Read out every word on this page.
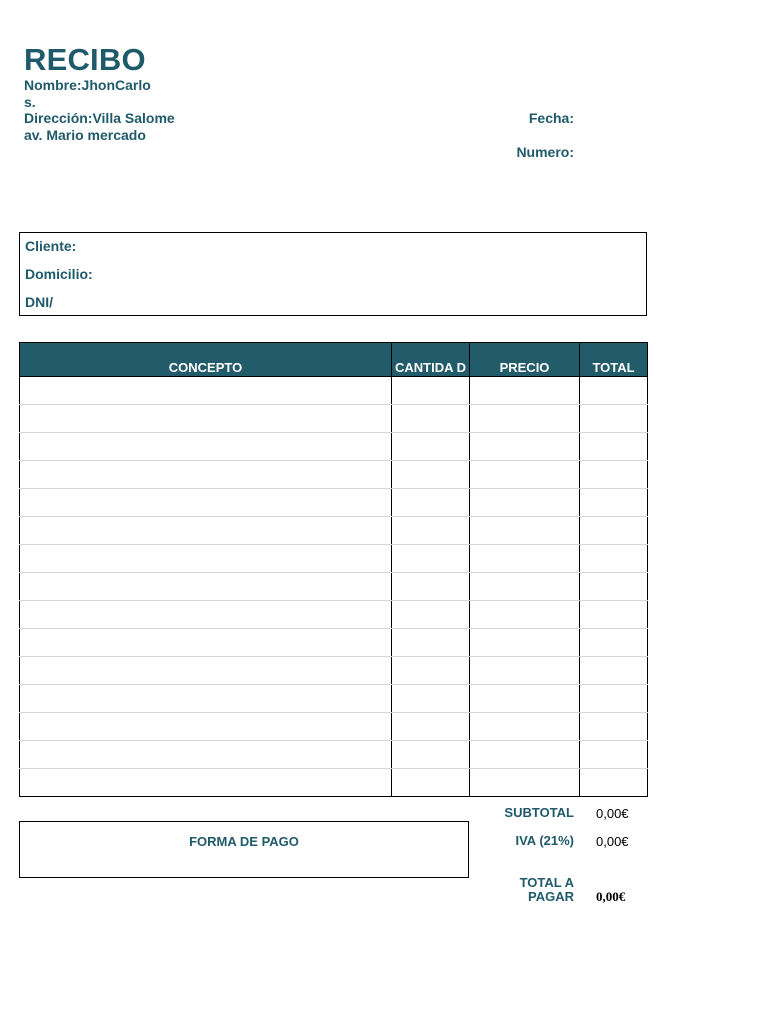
RECIBO
Nombre:JhonCarlo
s.
Dirección:Villa Salome
av. Mario mercado
Fecha:
Numero:
Cliente:
Domicilio:
DNI/
CONCEPTO	CANTIDA D	PRECIO	TOTAL

SUBTOTAL 0,00€
FORMA DE PAGO	IVA (21%) 0,00€
TOTAL A
PAGAR 0,00€
